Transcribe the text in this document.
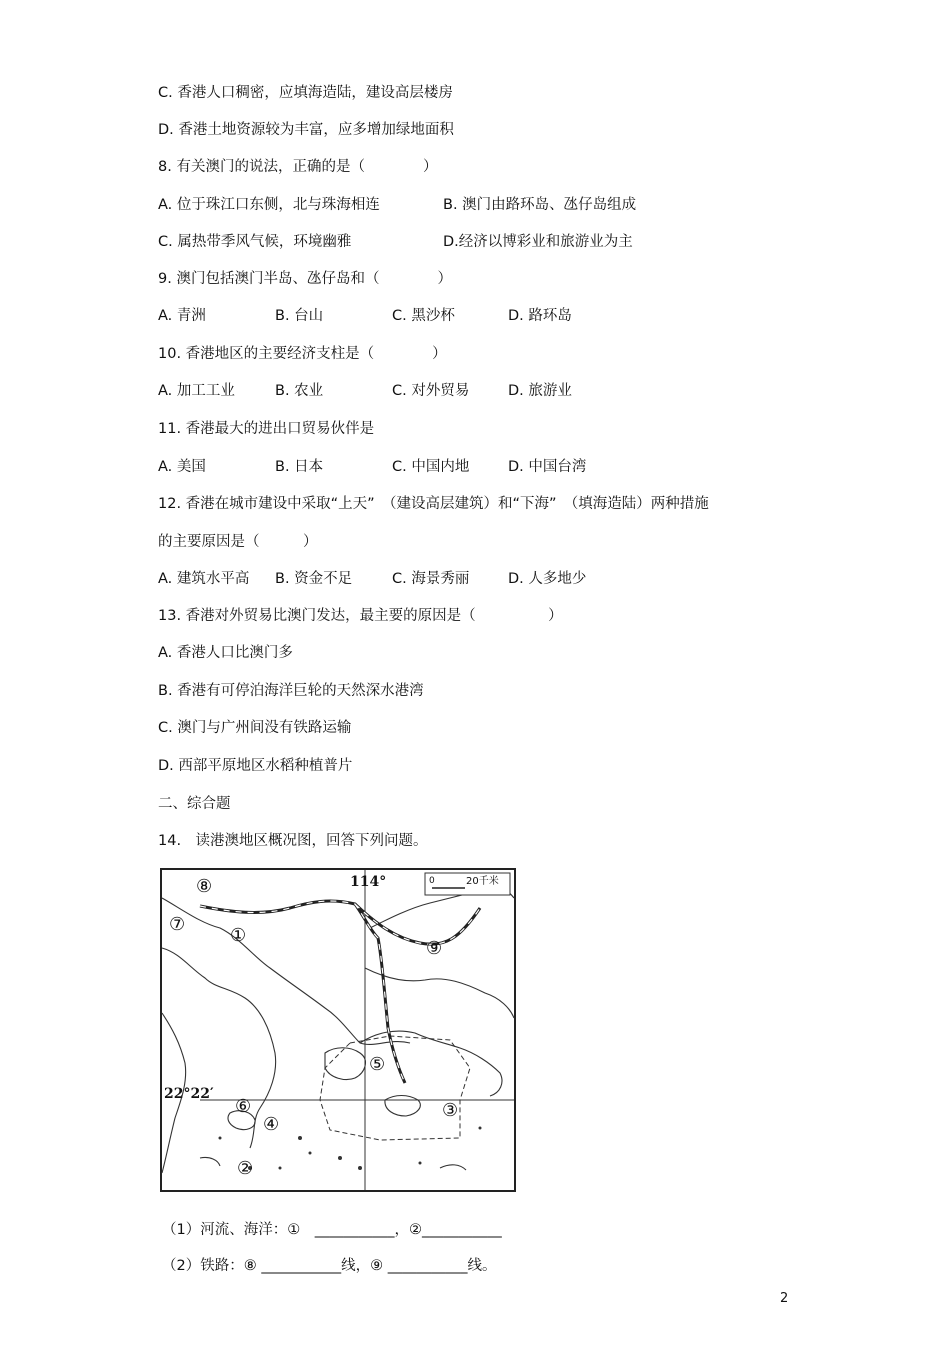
C. 香港人口稠密，应填海造陆，建设高层楼房
D. 香港土地资源较为丰富，应多增加绿地面积
8. 有关澳门的说法，正确的是（　　　　）
A. 位于珠江口东侧，北与珠海相连	B. 澳门由路环岛、氹仔岛组成
C. 属热带季风气候，环境幽雅	D.经济以博彩业和旅游业为主
9. 澳门包括澳门半岛、氹仔岛和（　　　　）
A. 青洲	B. 台山	C. 黑沙杯	D. 路环岛
10. 香港地区的主要经济支柱是（　　　　）
A. 加工工业	B. 农业	C. 对外贸易	D. 旅游业
11. 香港最大的进出口贸易伙伴是
A. 美国	B. 日本	C. 中国内地	D. 中国台湾
12. 香港在城市建设中采取“上天”　（建设高层建筑）和“下海”　（填海造陆）两种措施
的主要原因是（　　　）
A. 建筑水平高 B. 资金不足	C. 海景秀丽	D. 人多地少
13. 香港对外贸易比澳门发达，最主要的原因是（　　　　　）
A. 香港人口比澳门多
B. 香港有可停泊海洋巨轮的天然深水港湾
C. 澳门与广州间没有铁路运输
D. 西部平原地区水稻种植普片
二、综合题
14.　读港澳地区概况图，回答下列问题。
114°
22°22′
0	20千米
⑧
⑦
①
⑨
⑤
⑥	③
④
②
（1）河流、海洋：①　___________，②___________
（2）铁路：⑧ ___________线，⑨ ___________线。
2
